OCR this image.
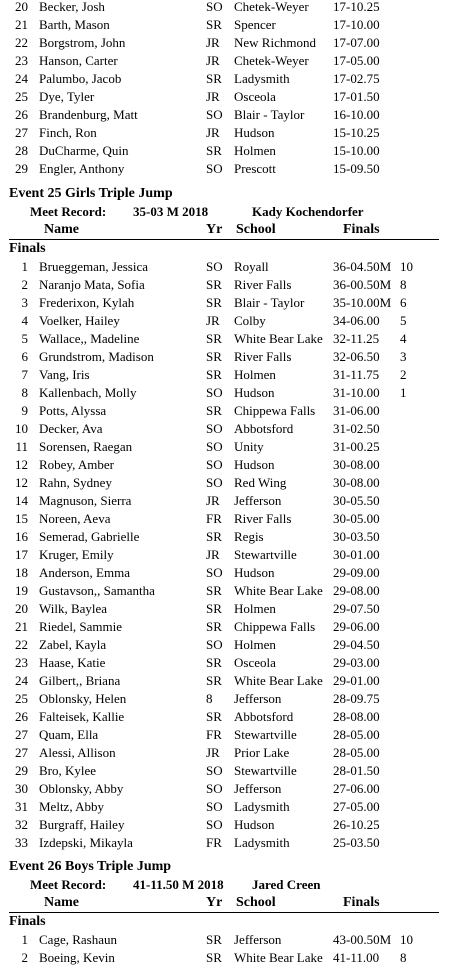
20 Becker, Josh	SO Chetek-Weyer 17-10.25
21 Barth, Mason	SR Spencer	17-10.00
22 Borgstrom, John	JR New Richmond 17-07.00
23 Hanson, Carter	JR Chetek-Weyer 17-05.00
24 Palumbo, Jacob	SR Ladysmith	17-02.75
25 Dye, Tyler	JR Osceola	17-01.50
26 Brandenburg, Matt	SO Blair - Taylor 16-10.00
27 Finch, Ron	JR Hudson	15-10.25
28 DuCharme, Quin	SR Holmen	15-10.00
29 Engler, Anthony	SO Prescott	15-09.50
Event 25 Girls Triple Jump
Meet Record: 35-03 M 2018	Kady Kochendorfer
Name	Yr School	Finals
Finals
1 Brueggeman, Jessica	SO Royall	36-04.50M 10
2 Naranjo Mata, Sofia	SR River Falls	36-00.50M 8
3 Frederixon, Kylah	SR Blair - Taylor 35-10.00M 6
4 Voelker, Hailey	JR Colby	34-06.00 5
5 Wallace,, Madeline	SR White Bear Lake 32-11.25 4
6 Grundstrom, Madison	SR River Falls	32-06.50 3
7 Vang, Iris	SR Holmen	31-11.75 2
8 Kallenbach, Molly	SO Hudson	31-10.00 1
9 Potts, Alyssa	SR Chippewa Falls 31-06.00
10 Decker, Ava	SO Abbotsford	31-02.50
11 Sorensen, Raegan	SO Unity	31-00.25
12 Robey, Amber	SO Hudson	30-08.00
12 Rahn, Sydney	SO Red Wing	30-08.00
14 Magnuson, Sierra	JR Jefferson	30-05.50
15 Noreen, Aeva	FR River Falls	30-05.00
16 Semerad, Gabrielle	SR Regis	30-03.50
17 Kruger, Emily	JR Stewartville	30-01.00
18 Anderson, Emma	SO Hudson	29-09.00
19 Gustavson,, Samantha	SR White Bear Lake 29-08.00
20 Wilk, Baylea	SR Holmen	29-07.50
21 Riedel, Sammie	SR Chippewa Falls 29-06.00
22 Zabel, Kayla	SO Holmen	29-04.50
23 Haase, Katie	SR Osceola	29-03.00
24 Gilbert,, Briana	SR White Bear Lake 29-01.00
25 Oblonsky, Helen	8 Jefferson	28-09.75
26 Falteisek, Kallie	SR Abbotsford	28-08.00
27 Quam, Ella	FR Stewartville	28-05.00
27 Alessi, Allison	JR Prior Lake	28-05.00
29 Bro, Kylee	SO Stewartville	28-01.50
30 Oblonsky, Abby	SO Jefferson	27-06.00
31 Meltz, Abby	SO Ladysmith	27-05.00
32 Burgraff, Hailey	SO Hudson	26-10.25
33 Izdepski, Mikayla	FR Ladysmith	25-03.50
Event 26 Boys Triple Jump
Meet Record: 41-11.50 M 2018 Jared Creen
Name	Yr School	Finals
Finals
1 Cage, Rashaun	SR Jefferson	43-00.50M 10
2 Boeing, Kevin	SR White Bear Lake 41-11.00 8
